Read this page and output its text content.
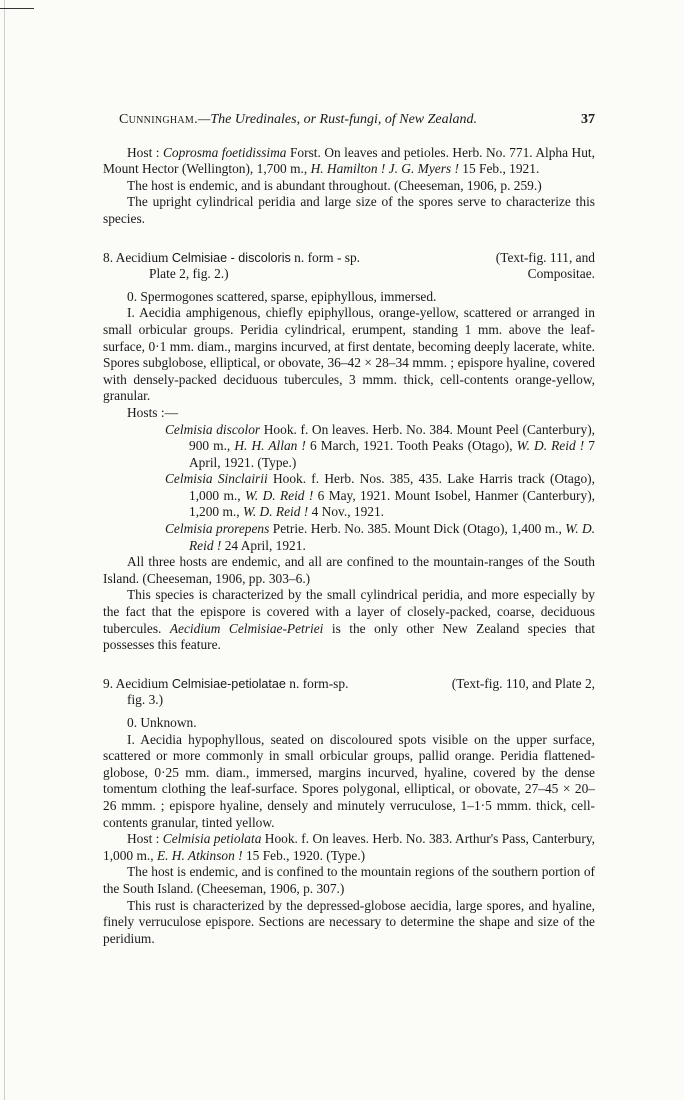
Cunningham.—The Uredinales, or Rust-fungi, of New Zealand.	37

Host : Coprosma foetidissima Forst. On leaves and petioles. Herb. No. 771. Alpha Hut, Mount Hector (Wellington), 1,700 m., H. Hamilton ! J. G. Myers ! 15 Feb., 1921.

The host is endemic, and is abundant throughout. (Cheeseman, 1906, p. 259.)

The upright cylindrical peridia and large size of the spores serve to characterize this species.

8. Aecidium Celmisiae - discoloris n. form - sp.	(Text-fig. 111, and
Plate 2, fig. 2.)	Compositae.

0. Spermogones scattered, sparse, epiphyllous, immersed.

I. Aecidia amphigenous, chiefly epiphyllous, orange-yellow, scattered or arranged in small orbicular groups. Peridia cylindrical, erumpent, standing 1 mm. above the leaf-surface, 0·1 mm. diam., margins incurved, at first dentate, becoming deeply lacerate, white. Spores subglobose, elliptical, or obovate, 36–42 × 28–34 mmm. ; epispore hyaline, covered with densely-packed deciduous tubercules, 3 mmm. thick, cell-contents orange-yellow, granular.

Hosts :—

Celmisia discolor Hook. f. On leaves. Herb. No. 384. Mount Peel (Canterbury), 900 m., H. H. Allan ! 6 March, 1921. Tooth Peaks (Otago), W. D. Reid ! 7 April, 1921. (Type.)

Celmisia Sinclairii Hook. f. Herb. Nos. 385, 435. Lake Harris track (Otago), 1,000 m., W. D. Reid ! 6 May, 1921. Mount Isobel, Hanmer (Canterbury), 1,200 m., W. D. Reid ! 4 Nov., 1921.

Celmisia prorepens Petrie. Herb. No. 385. Mount Dick (Otago), 1,400 m., W. D. Reid ! 24 April, 1921.

All three hosts are endemic, and all are confined to the mountain-ranges of the South Island. (Cheeseman, 1906, pp. 303–6.)

This species is characterized by the small cylindrical peridia, and more especially by the fact that the epispore is covered with a layer of closely-packed, coarse, deciduous tubercules. Aecidium Celmisiae-Petriei is the only other New Zealand species that possesses this feature.

9. Aecidium Celmisiae-petiolatae n. form-sp.	(Text-fig. 110, and Plate 2,
fig. 3.)

0. Unknown.

I. Aecidia hypophyllous, seated on discoloured spots visible on the upper surface, scattered or more commonly in small orbicular groups, pallid orange. Peridia flattened-globose, 0·25 mm. diam., immersed, margins incurved, hyaline, covered by the dense tomentum clothing the leaf-surface. Spores polygonal, elliptical, or obovate, 27–45 × 20–26 mmm. ; epispore hyaline, densely and minutely verruculose, 1–1·5 mmm. thick, cell-contents granular, tinted yellow.

Host : Celmisia petiolata Hook. f. On leaves. Herb. No. 383. Arthur's Pass, Canterbury, 1,000 m., E. H. Atkinson ! 15 Feb., 1920. (Type.)

The host is endemic, and is confined to the mountain regions of the southern portion of the South Island. (Cheeseman, 1906, p. 307.)

This rust is characterized by the depressed-globose aecidia, large spores, and hyaline, finely verruculose epispore. Sections are necessary to determine the shape and size of the peridium.
